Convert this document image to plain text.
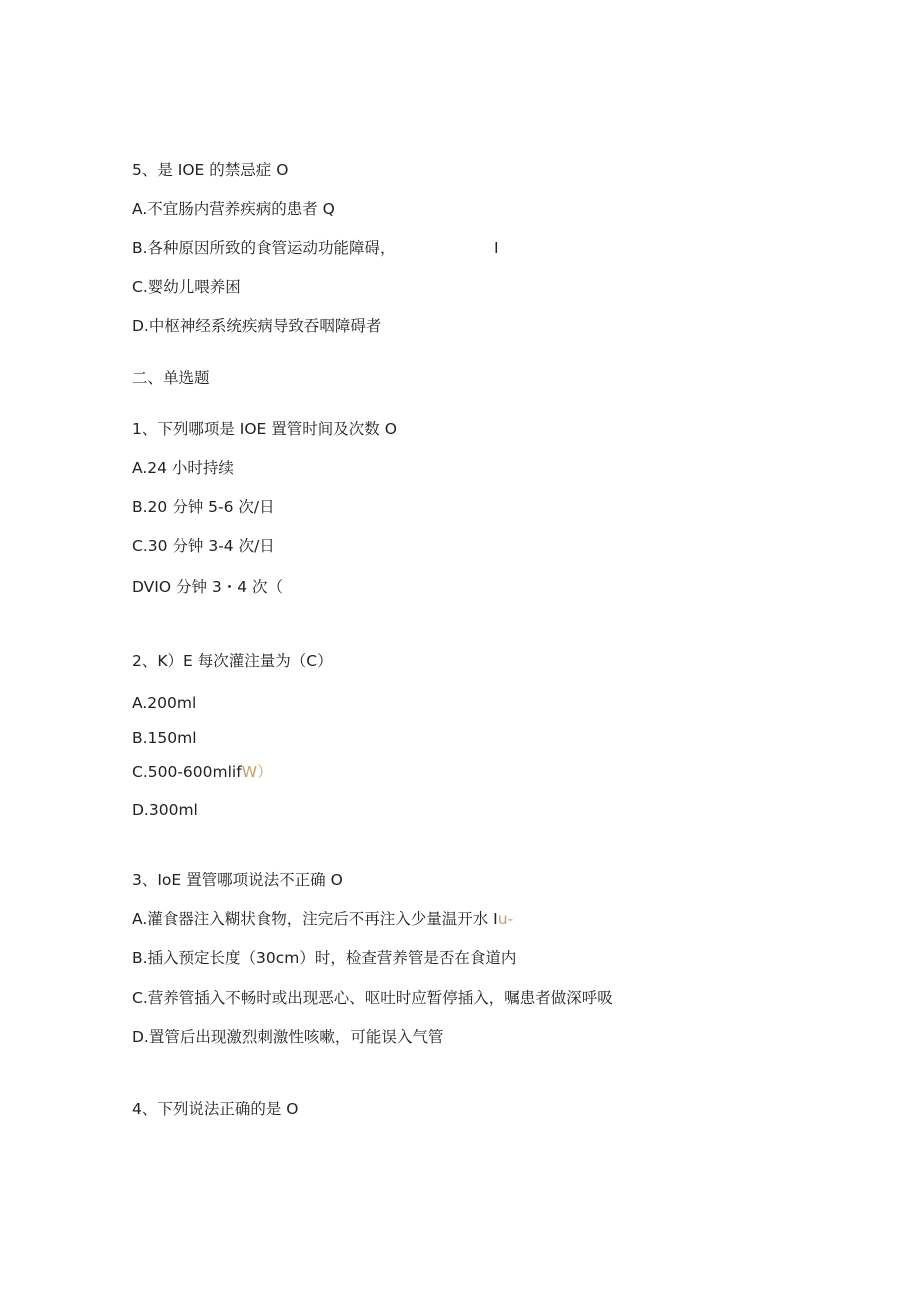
5、是 IOE 的禁忌症 O
A.不宜肠内营养疾病的患者 Q
B.各种原因所致的食管运动功能障碍，	I
C.婴幼儿喂养困
D.中枢神经系统疾病导致吞咽障碍者
二、单选题
1、下列哪项是 IOE 置管时间及次数 O
A.24 小时持续
B.20 分钟 5-6 次/日
C.30 分钟 3-4 次/日
DVIO 分钟 3・4 次（
2、K）E 每次灌注量为（C）
A.200ml
B.150ml
C.500-600mlifW）
D.300ml
3、IoE 置管哪项说法不正确 O
A.灌食器注入糊状食物，注完后不再注入少量温开水 Iu-
B.插入预定长度（30cm）时，检查营养管是否在食道内
C.营养管插入不畅时或出现恶心、呕吐时应暂停插入，嘱患者做深呼吸
D.置管后出现激烈刺激性咳嗽，可能误入气管
4、下列说法正确的是 O
